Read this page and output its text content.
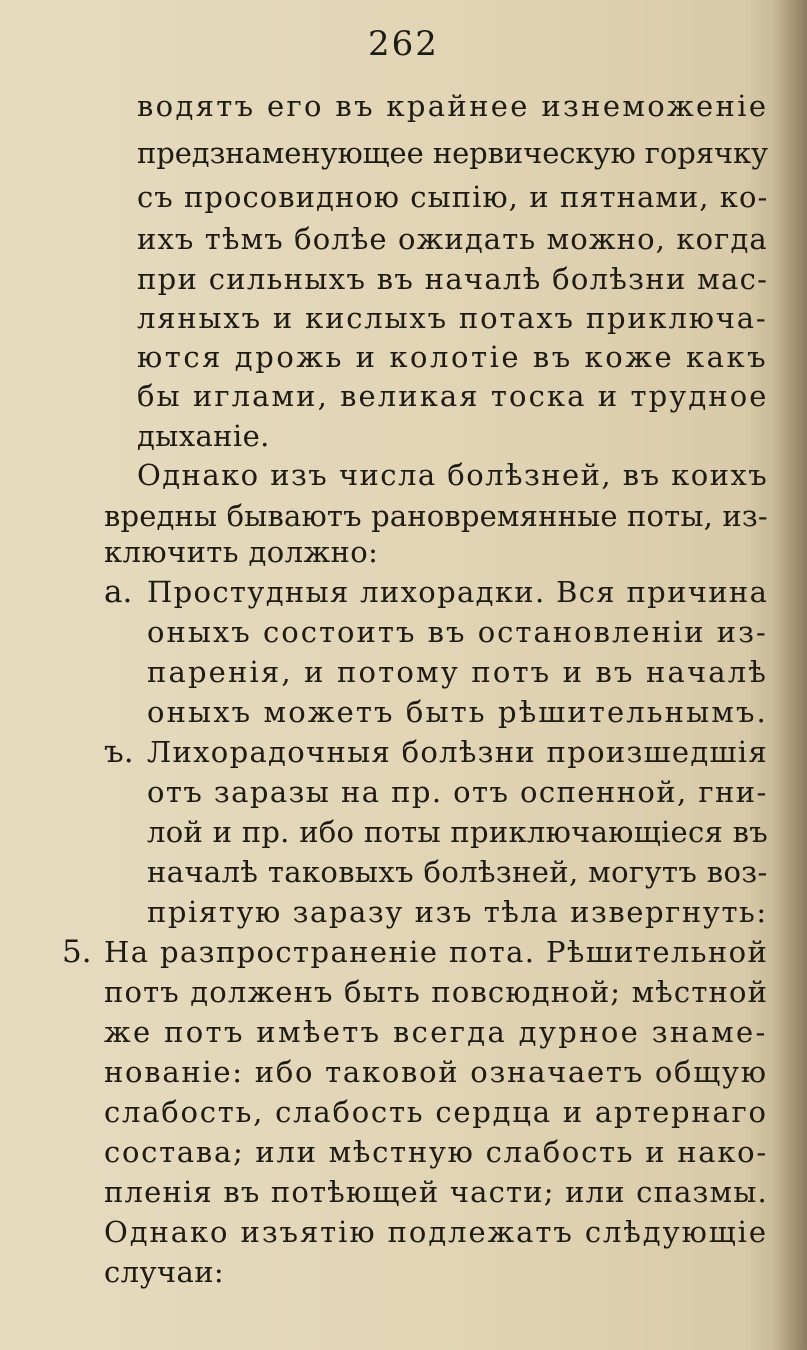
262
водятъ его въ крайнее изнеможеніе
предзнаменующее нервическую горячку
съ просовидною сыпію, и пятнами, ко-
ихъ тѣмъ болѣе ожидать можно, когда
при сильныхъ въ началѣ болѣзни мас-
ляныхъ и кислыхъ потахъ приключа-
ются дрожь и колотіе въ коже какъ
бы иглами, великая тоска и трудное
дыханіе.
Однако изъ числа болѣзней, въ коихъ
вредны бываютъ рановремянные поты, из-
ключить должно:
a. Простудныя лихорадки. Вся причина
оныхъ состоитъ въ остановленіи из-
паренія, и потому потъ и въ началѣ
оныхъ можетъ быть рѣшительнымъ.
ъ. Лихорадочныя болѣзни произшедшія
отъ заразы на пр. отъ оспенной, гни-
лой и пр. ибо поты приключающіеся въ
началѣ таковыхъ болѣзней, могутъ воз-
пріятую заразу изъ тѣла извергнуть:
5. На разпространеніе пота. Рѣшительной
потъ долженъ быть повсюдной; мѣстной
же потъ имѣетъ всегда дурное знаме-
нованіе: ибо таковой означаетъ общую
слабость, слабость сердца и артернаго
состава; или мѣстную слабость и нако-
пленія въ потѣющей части; или спазмы.
Однако изъятію подлежатъ слѣдующіе
случаи:
